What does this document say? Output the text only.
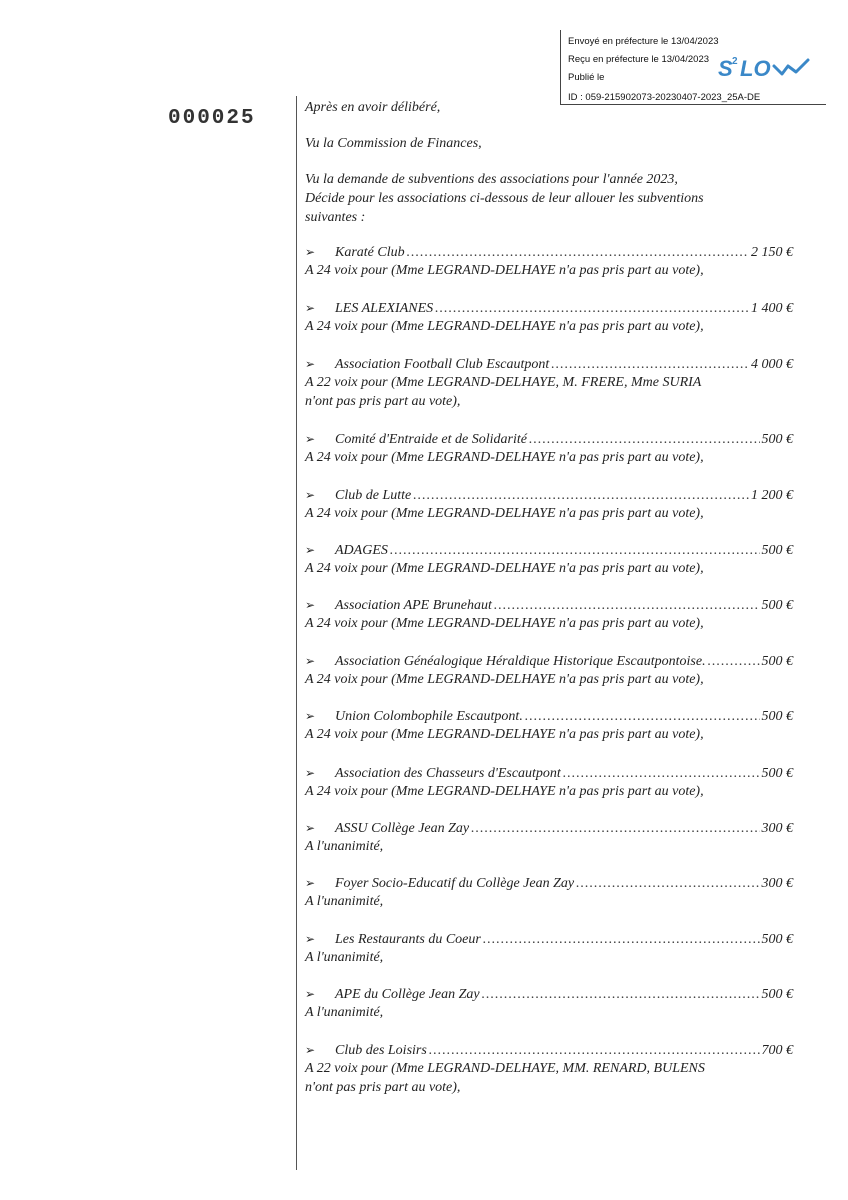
Envoyé en préfecture le 13/04/2023
Reçu en préfecture le 13/04/2023
Publié le
ID : 059-215902073-20230407-2023_25A-DE
S 2 LO
000025	Après en avoir délibéré,
Vu la Commission de Finances,
Vu la demande de subventions des associations pour l'année 2023,
Décide pour les associations ci-dessous de leur allouer les subventions
suivantes :
➢	Karaté Club .....	2 150 €
A 24 voix pour (Mme LEGRAND-DELHAYE n'a pas pris part au vote),
➢	LES ALEXIANES .....	1 400 €
A 24 voix pour (Mme LEGRAND-DELHAYE n'a pas pris part au vote),
➢	Association Football Club Escautpont .....	4 000 €
A 22 voix pour (Mme LEGRAND-DELHAYE, M. FRERE, Mme SURIA
n'ont pas pris part au vote),
➢	Comité d'Entraide et de Solidarité .....	500 €
A 24 voix pour (Mme LEGRAND-DELHAYE n'a pas pris part au vote),
➢	Club de Lutte .....	1 200 €
A 24 voix pour (Mme LEGRAND-DELHAYE n'a pas pris part au vote),
➢	ADAGES .....	500 €
A 24 voix pour (Mme LEGRAND-DELHAYE n'a pas pris part au vote),
➢	Association APE Brunehaut .....	500 €
A 24 voix pour (Mme LEGRAND-DELHAYE n'a pas pris part au vote),
➢	Association Généalogique Héraldique Historique Escautpontoise. .....	500 €
A 24 voix pour (Mme LEGRAND-DELHAYE n'a pas pris part au vote),
➢	Union Colombophile Escautpont. .....	500 €
A 24 voix pour (Mme LEGRAND-DELHAYE n'a pas pris part au vote),
➢	Association des Chasseurs d'Escautpont .....	500 €
A 24 voix pour (Mme LEGRAND-DELHAYE n'a pas pris part au vote),
➢	ASSU Collège Jean Zay .....	300 €
A l'unanimité,
➢	Foyer Socio-Educatif du Collège Jean Zay .....	300 €
A l'unanimité,
➢	Les Restaurants du Coeur .....	500 €
A l'unanimité,
➢	APE du Collège Jean Zay .....	500 €
A l'unanimité,
➢	Club des Loisirs .....	700 €
A 22 voix pour (Mme LEGRAND-DELHAYE, MM. RENARD, BULENS
n'ont pas pris part au vote),
